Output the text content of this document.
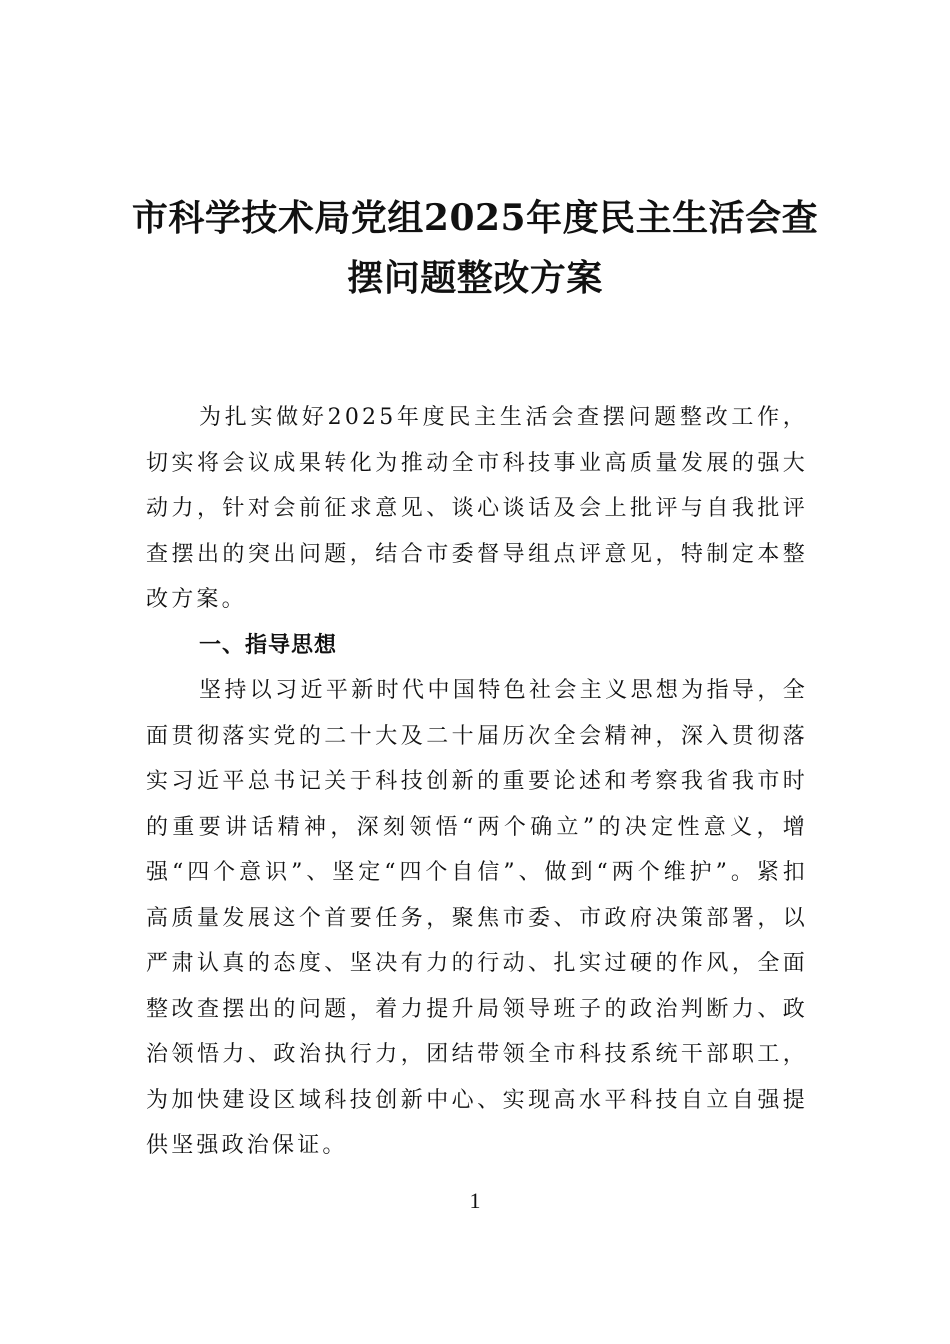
市科学技术局党组2025年度民主生活会查
摆问题整改方案

为扎实做好2025年度民主生活会查摆问题整改工作，切实将会议成果转化为推动全市科技事业高质量发展的强大动力，针对会前征求意见、谈心谈话及会上批评与自我批评查摆出的突出问题，结合市委督导组点评意见，特制定本整改方案。

一、指导思想

坚持以习近平新时代中国特色社会主义思想为指导，全面贯彻落实党的二十大及二十届历次全会精神，深入贯彻落实习近平总书记关于科技创新的重要论述和考察我省我市时的重要讲话精神，深刻领悟“两个确立”的决定性意义，增强“四个意识”、坚定“四个自信”、做到“两个维护”。紧扣高质量发展这个首要任务，聚焦市委、市政府决策部署，以严肃认真的态度、坚决有力的行动、扎实过硬的作风，全面整改查摆出的问题，着力提升局领导班子的政治判断力、政治领悟力、政治执行力，团结带领全市科技系统干部职工，为加快建设区域科技创新中心、实现高水平科技自立自强提供坚强政治保证。

1
